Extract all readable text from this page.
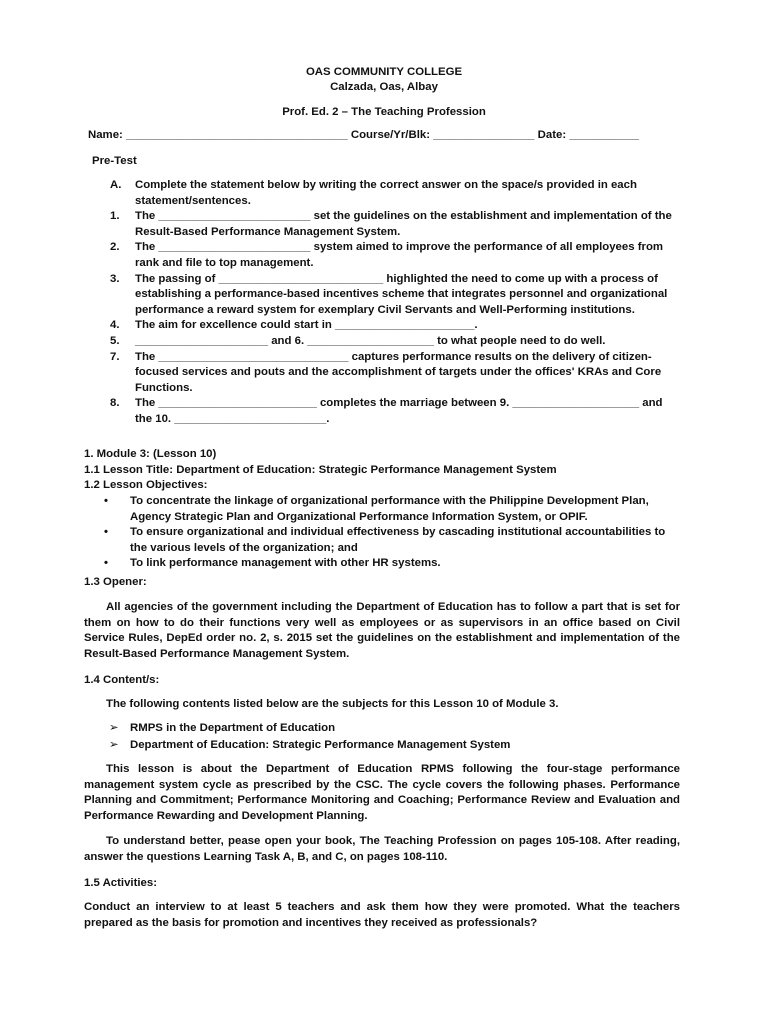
OAS COMMUNITY COLLEGE
Calzada, Oas, Albay
Prof. Ed. 2 – The Teaching Profession
Name: ___________________________________ Course/Yr/Blk: ________________ Date: ___________
Pre-Test
A.	Complete the statement below by writing the correct answer on the space/s provided in each statement/sentences.
1.	The ________________________ set the guidelines on the establishment and implementation of the Result-Based Performance Management System.
2.	The ________________________ system aimed to improve the performance of all employees from rank and file to top management.
3.	The passing of __________________________ highlighted the need to come up with a process of establishing a performance-based incentives scheme that integrates personnel and organizational performance a reward system for exemplary Civil Servants and Well-Performing institutions.
4.	The aim for excellence could start in ______________________.
5.	_____________________ and 6. ____________________ to what people need to do well.
7.	The ______________________________ captures performance results on the delivery of citizen-focused services and pouts and the accomplishment of targets under the offices' KRAs and Core Functions.
8.	The _________________________ completes the marriage between 9. ____________________ and the 10. ________________________.
1. Module 3: (Lesson 10)
1.1 Lesson Title: Department of Education: Strategic Performance Management System
1.2 Lesson Objectives:
•	To concentrate the linkage of organizational performance with the Philippine Development Plan, Agency Strategic Plan and Organizational Performance Information System, or OPIF.
•	To ensure organizational and individual effectiveness by cascading institutional accountabilities to the various levels of the organization; and
•	To link performance management with other HR systems.
1.3 Opener:
All agencies of the government including the Department of Education has to follow a part that is set for them on how to do their functions very well as employees or as supervisors in an office based on Civil Service Rules, DepEd order no. 2, s. 2015 set the guidelines on the establishment and implementation of the Result-Based Performance Management System.
1.4 Content/s:
The following contents listed below are the subjects for this Lesson 10 of Module 3.
➢	RMPS in the Department of Education
➢	Department of Education: Strategic Performance Management System
This lesson is about the Department of Education RPMS following the four-stage performance management system cycle as prescribed by the CSC. The cycle covers the following phases. Performance Planning and Commitment; Performance Monitoring and Coaching; Performance Review and Evaluation and Performance Rewarding and Development Planning.
To understand better, pease open your book, The Teaching Profession on pages 105-108. After reading, answer the questions Learning Task A, B, and C, on pages 108-110.
1.5 Activities:
Conduct an interview to at least 5 teachers and ask them how they were promoted. What the teachers prepared as the basis for promotion and incentives they received as professionals?
